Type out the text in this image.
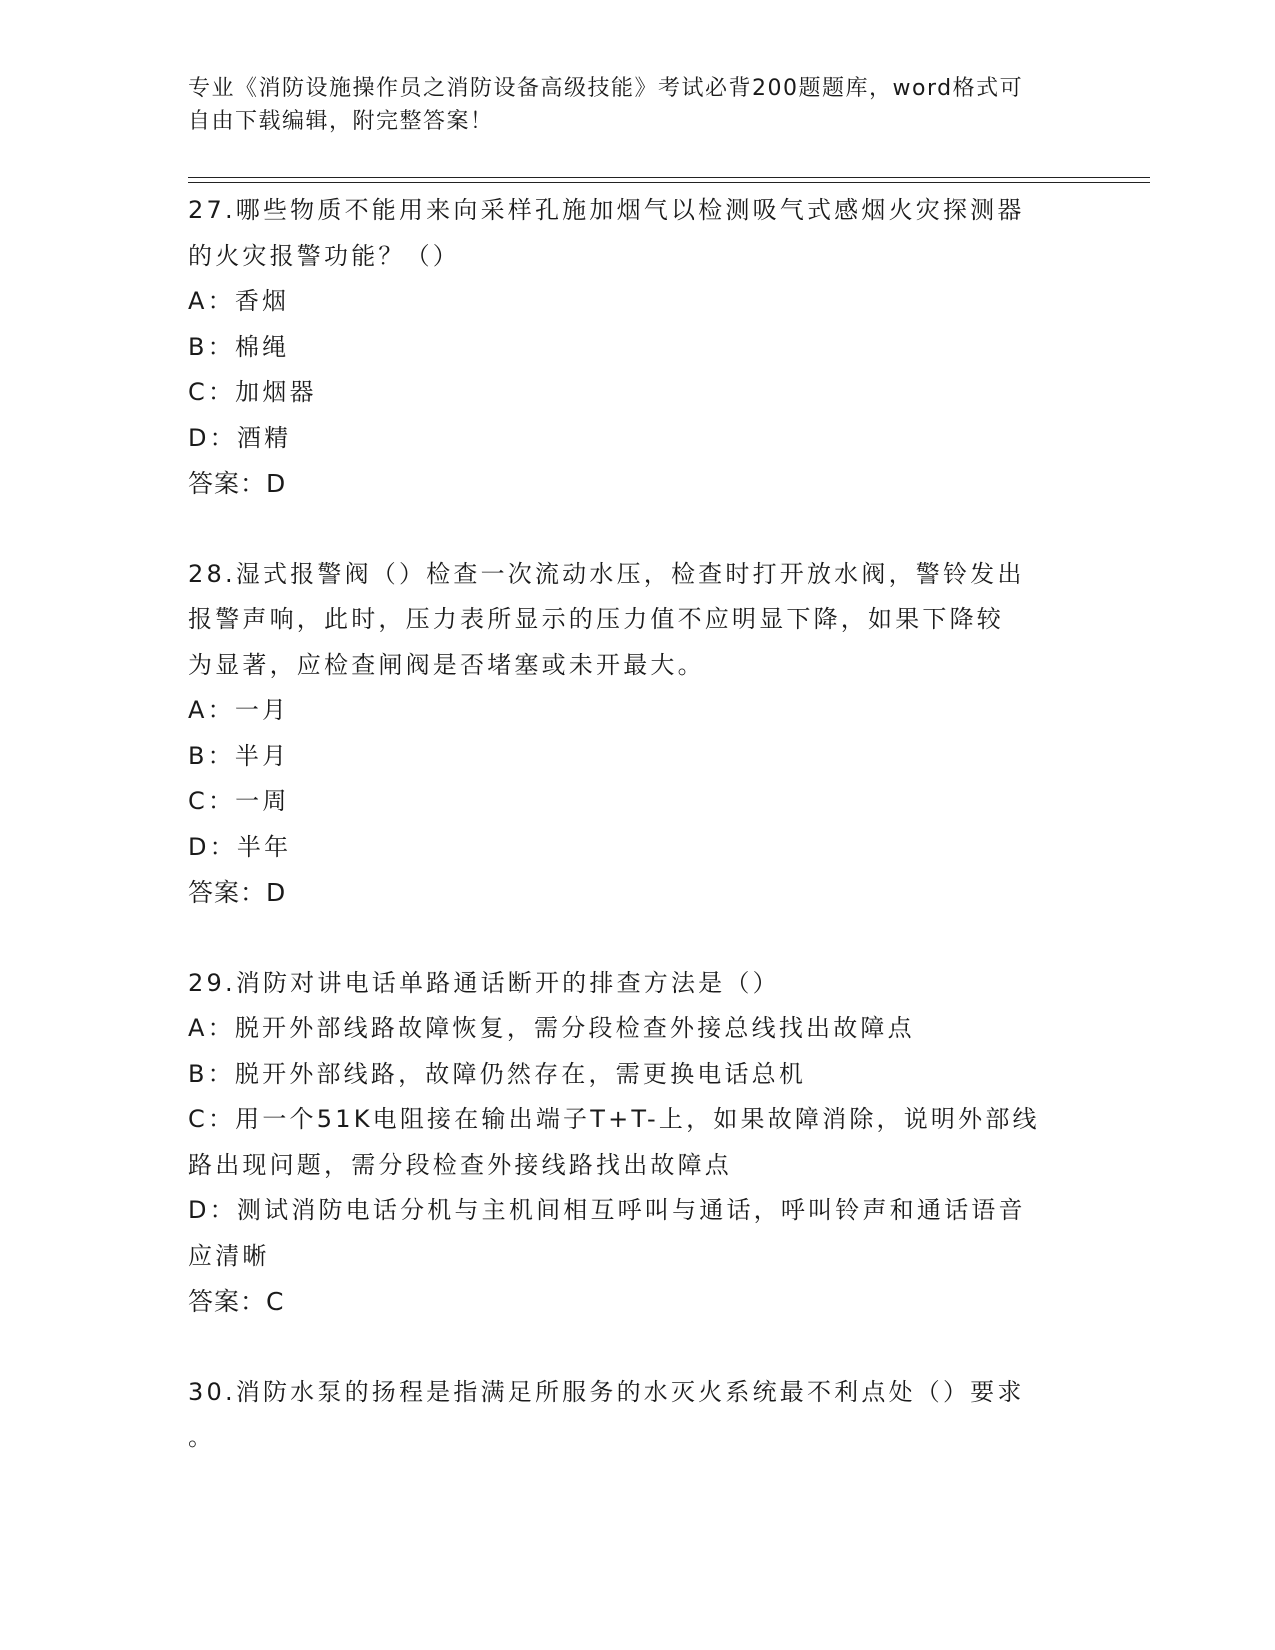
专业《消防设施操作员之消防设备高级技能》考试必背200题题库，word格式可
自由下载编辑，附完整答案！
27.哪些物质不能用来向采样孔施加烟气以检测吸气式感烟火灾探测器
的火灾报警功能？（）
A：香烟
B：棉绳
C：加烟器
D：酒精
答案：D
28.湿式报警阀（）检查一次流动水压，检查时打开放水阀，警铃发出
报警声响，此时，压力表所显示的压力值不应明显下降，如果下降较
为显著，应检查闸阀是否堵塞或未开最大。
A：一月
B：半月
C：一周
D：半年
答案：D
29.消防对讲电话单路通话断开的排查方法是（）
A：脱开外部线路故障恢复，需分段检查外接总线找出故障点
B：脱开外部线路，故障仍然存在，需更换电话总机
C：用一个51K电阻接在输出端子T+T-上，如果故障消除，说明外部线
路出现问题，需分段检查外接线路找出故障点
D：测试消防电话分机与主机间相互呼叫与通话，呼叫铃声和通话语音
应清晰
答案：C
30.消防水泵的扬程是指满足所服务的水灭火系统最不利点处（）要求
。
